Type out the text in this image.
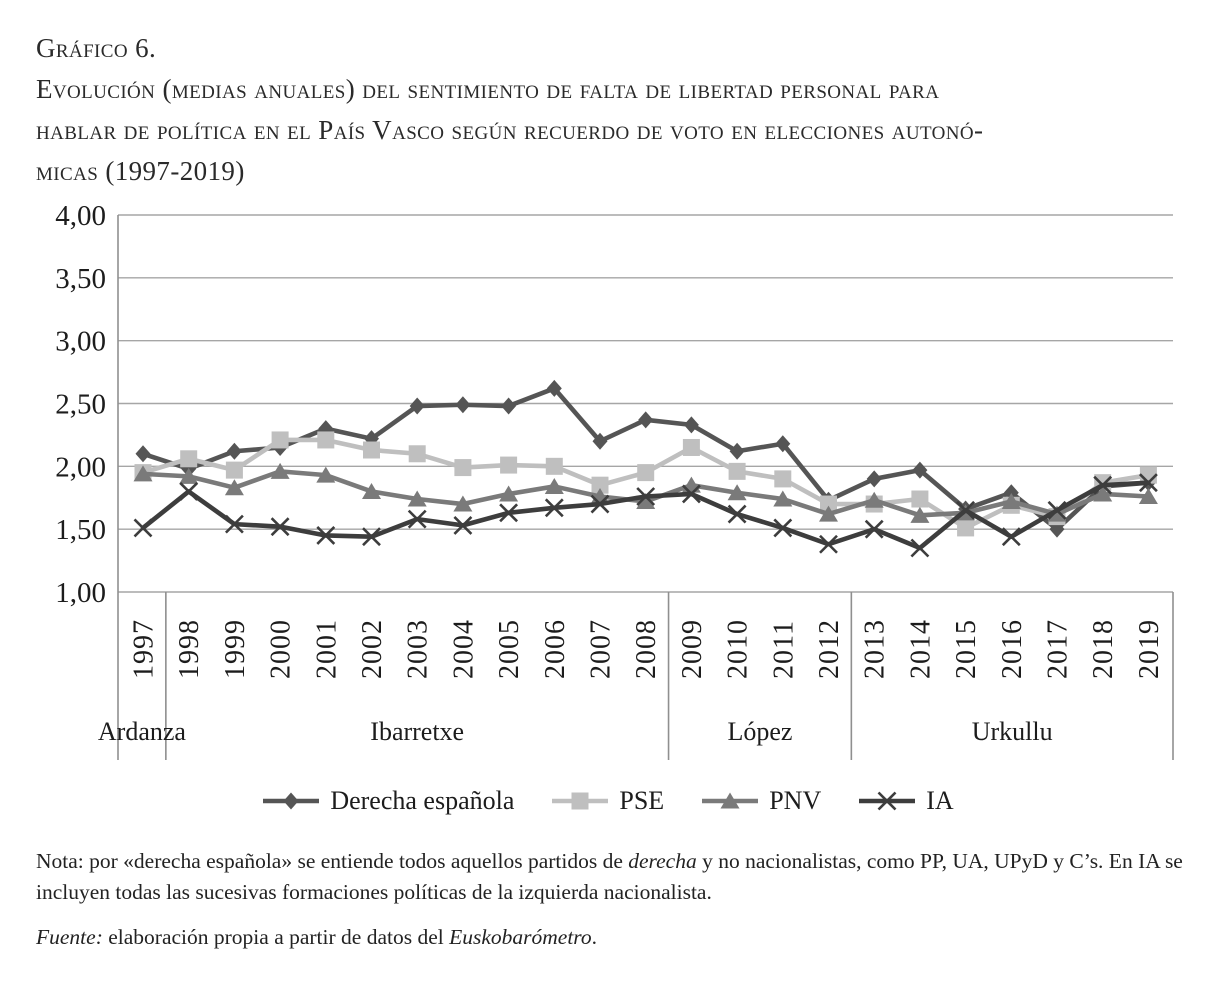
Gráfico 6.
Evolución (medias anuales) del sentimiento de falta de libertad personal para
hablar de política en el País Vasco según recuerdo de voto en elecciones autonó-
micas (1997-2019)
4,00
3,50
3,00
2,50
2,00
1,50
1,00
Ardanza	Ibarretxe	López	Urkullu
1997 1998 1999 2000 2001 2002 2003 2004 2005 2006 2007 2008 2009 2010 2011 2012 2013 2014 2015 2016 2017 2018 2019
Derecha española	PSE	PNV	IA

Nota: por «derecha española» se entiende todos aquellos partidos de derecha y no nacionalistas, como PP, UA, UPyD y C’s. En IA se incluyen todas las sucesivas formaciones políticas de la izquierda nacionalista.

Fuente: elaboración propia a partir de datos del Euskobarómetro.
